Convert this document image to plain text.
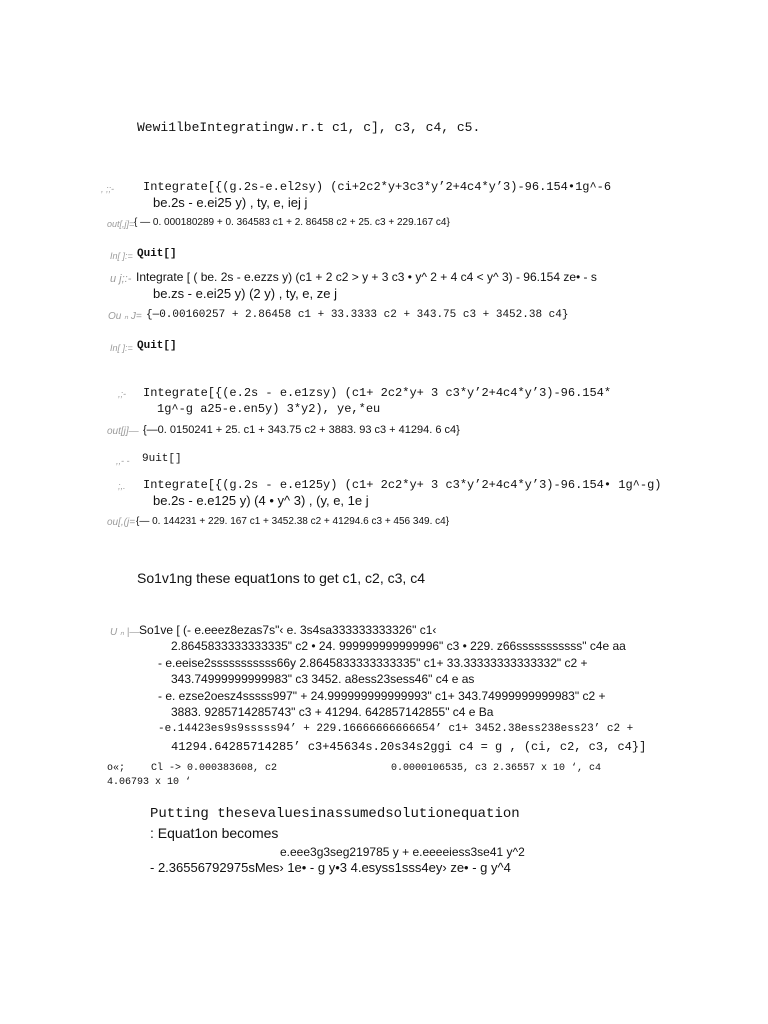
Wewi1lbeIntegratingw.r.t c1, c], c3, c4, c5.
, ;;- Integrate[{(g.2s-e.el2sy) (ci+2c2*y+3c3*y’2+4c4*y’3)-96.154•1g^-6
be.2s - e.ei25 y) , ty, e, iej j
out[,j]= { — 0. 000180289 + 0. 364583 c1 + 2. 86458 c2 + 25. c3 + 229.167 c4}
In[ ]:= Quit[]
u j;:- Integrate [ ( be. 2s - e.ezzs y) (c1 + 2 c2 > y + 3 c3 • y^ 2 + 4 c4 < y^ 3) - 96.154 ze• - s
be.zs - e.ei25 y) (2 y) , ty, e, ze j
Ou ₙ J= {—0.00160257 + 2.86458 c1 + 33.3333 c2 + 343.75 c3 + 3452.38 c4}
In[ ]:= Quit[]
,;- Integrate[{(e.2s - e.e1zsy) (c1+ 2c2*y+ 3 c3*y’2+4c4*y’3)-96.154*
1g^-g a25-e.en5y) 3*y2), ye,*eu
out[j]— {—0. 0150241 + 25. c1 + 343.75 c2 + 3883. 93 c3 + 41294. 6 c4}
,,- - 9uit[]
;,. Integrate[{(g.2s - e.e125y) (c1+ 2c2*y+ 3 c3*y’2+4c4*y’3)-96.154• 1g^-g)
be.2s - e.e125 y) (4 • y^ 3) , (y, e, 1e j
ou[,(j= {— 0. 144231 + 229. 167 c1 + 3452.38 c2 + 41294.6 c3 + 456 349. c4}
So1v1ng these equat1ons to get c1, c2, c3, c4
U ₙ |— So1ve [ (- e.eeez8ezas7s"‹ e. 3s4sa333333333326" c1‹
2.8645833333333335" c2 • 24. 999999999999996" c3 • 229. z66sssssssssss" c4e aa
- e.eeise2sssssssssss66y 2.8645833333333335" c1+ 33.33333333333332" c2 +
343.74999999999983" c3 3452. a8ess23sess46" c4 e as
- e. ezse2oesz4sssss997" + 24.999999999999993" c1+ 343.74999999999983" c2 +
3883. 9285714285743" c3 + 41294. 642857142855" c4 e Ba
-e.14423es9s9sssss94’ + 229.16666666666654’ c1+ 3452.38ess238ess23’ c2 +
41294.64285714285’ c3+45634s.20s34s2ggi c4 = g , (ci, c2, c3, c4}]
o«;	Cl -> 0.000383608, c2	0.0000106535, c3 2.36557 x 10 ‘, c4
4.06793 x 10 ‘
Putting thesevaluesinassumedsolutionequation
: Equat1on becomes
e.eee3g3seg219785 y + e.eeeeiess3se41 y^2
- 2.36556792975sMes› 1e• - g y•3 4.esyss1sss4ey› ze• - g y^4
